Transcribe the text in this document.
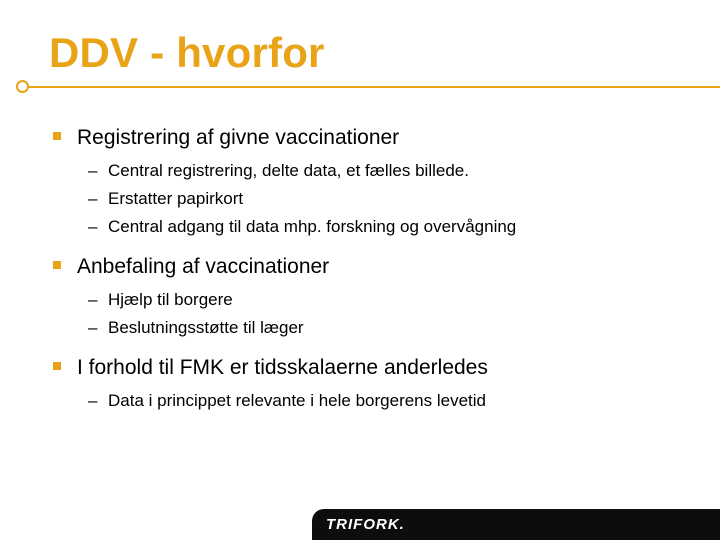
DDV - hvorfor
Registrering af givne vaccinationer
– Central registrering, delte data, et fælles billede.
– Erstatter papirkort
– Central adgang til data mhp. forskning og overvågning
Anbefaling af vaccinationer
– Hjælp til borgere
– Beslutningsstøtte til læger
I forhold til FMK er tidsskalaerne anderledes
– Data i princippet relevante i hele borgerens levetid
TRIFORK.
